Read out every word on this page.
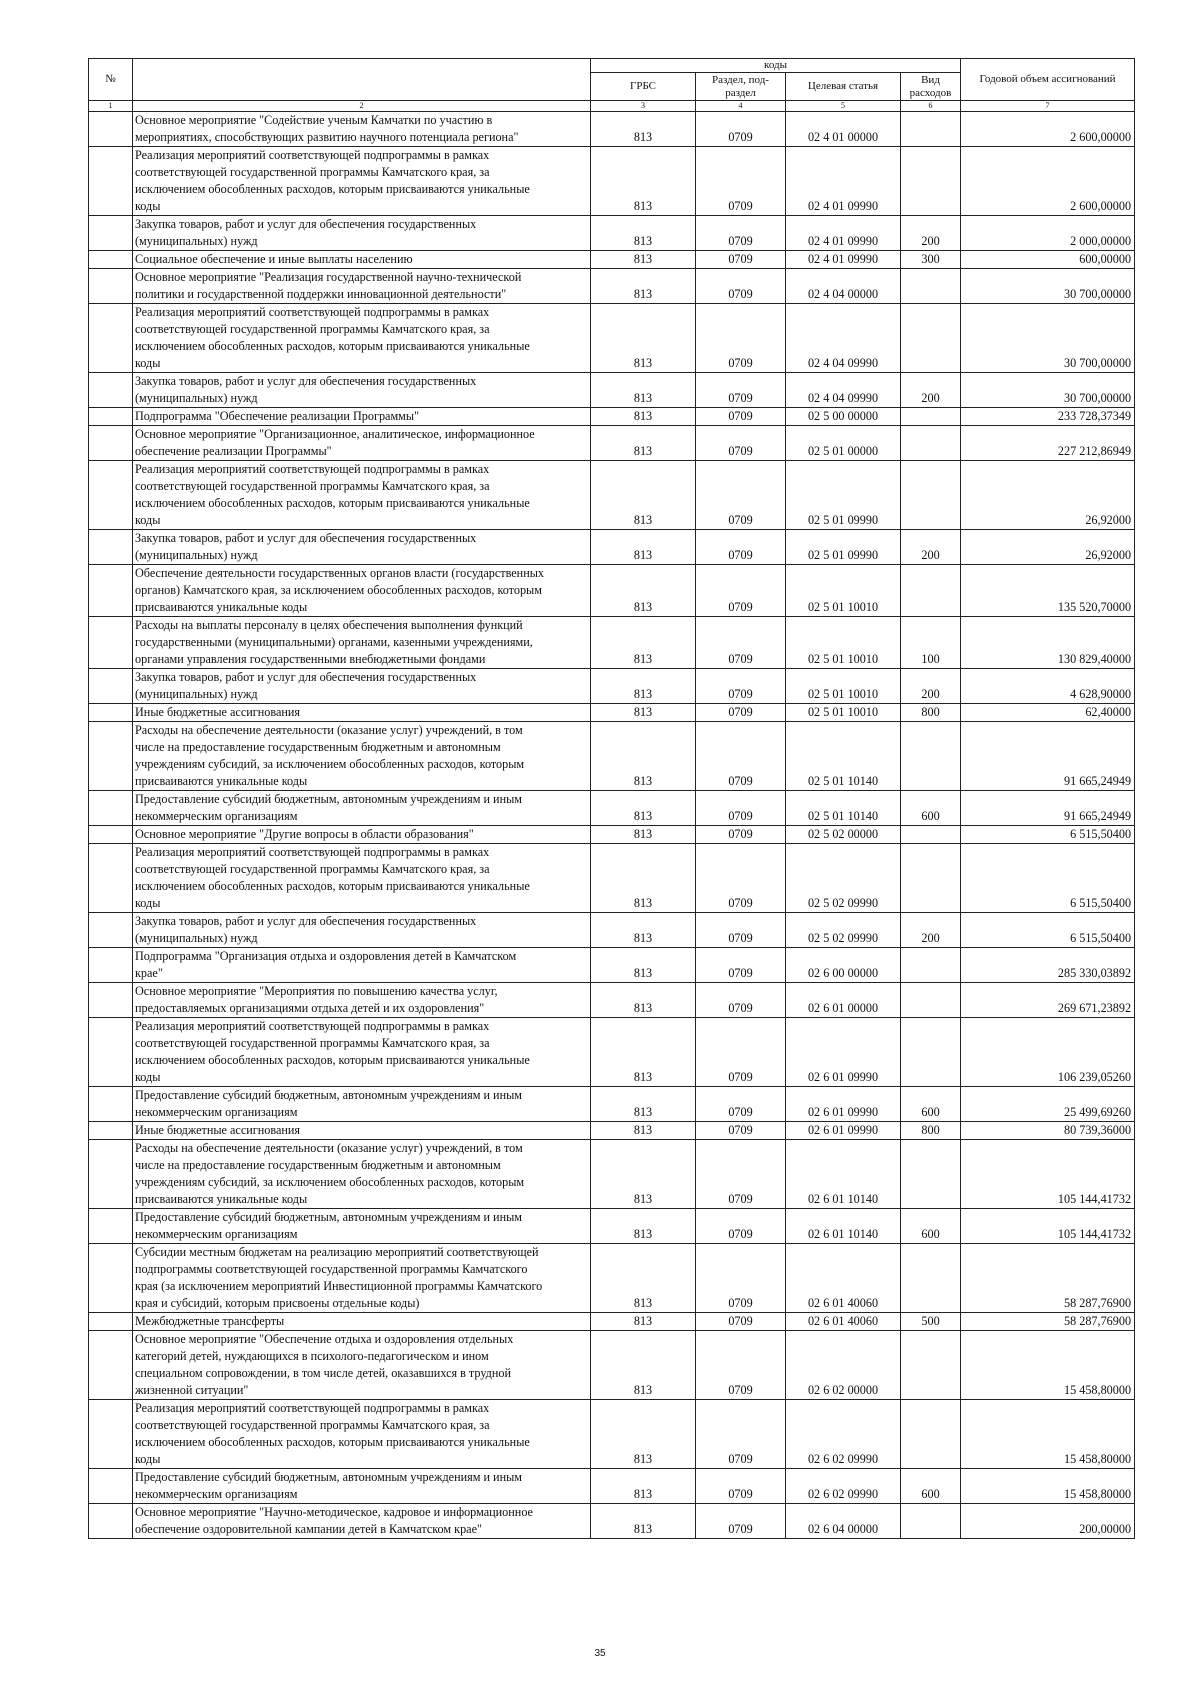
№		коды				Годовой объем ассигнований
		ГРБС	Раздел, под-раздел	Целевая статья	Вид расходов	
1	2	3	4	5	6	7
	Основное мероприятие "Содействие ученым Камчатки по участию в
мероприятиях, способствующих развитию научного потенциала региона"	813	0709	02 4 01 00000		2 600,00000
	Реализация мероприятий соответствующей подпрограммы в рамках
соответствующей государственной программы Камчатского края, за
исключением обособленных расходов, которым присваиваются уникальные
коды	813	0709	02 4 01 09990		2 600,00000
	Закупка товаров, работ и услуг для обеспечения государственных
(муниципальных) нужд	813	0709	02 4 01 09990	200	2 000,00000
	Социальное обеспечение и иные выплаты населению	813	0709	02 4 01 09990	300	600,00000
	Основное мероприятие "Реализация государственной научно-технической
политики и государственной поддержки инновационной деятельности"	813	0709	02 4 04 00000		30 700,00000
	Реализация мероприятий соответствующей подпрограммы в рамках
соответствующей государственной программы Камчатского края, за
исключением обособленных расходов, которым присваиваются уникальные
коды	813	0709	02 4 04 09990		30 700,00000
	Закупка товаров, работ и услуг для обеспечения государственных
(муниципальных) нужд	813	0709	02 4 04 09990	200	30 700,00000
	Подпрограмма "Обеспечение реализации Программы"	813	0709	02 5 00 00000		233 728,37349
	Основное мероприятие "Организационное, аналитическое, информационное
обеспечение реализации Программы"	813	0709	02 5 01 00000		227 212,86949
	Реализация мероприятий соответствующей подпрограммы в рамках
соответствующей государственной программы Камчатского края, за
исключением обособленных расходов, которым присваиваются уникальные
коды	813	0709	02 5 01 09990		26,92000
	Закупка товаров, работ и услуг для обеспечения государственных
(муниципальных) нужд	813	0709	02 5 01 09990	200	26,92000
	Обеспечение деятельности государственных органов власти (государственных
органов) Камчатского края, за исключением обособленных расходов, которым
присваиваются уникальные коды	813	0709	02 5 01 10010		135 520,70000
	Расходы на выплаты персоналу в целях обеспечения выполнения функций
государственными (муниципальными) органами, казенными учреждениями,
органами управления государственными внебюджетными фондами	813	0709	02 5 01 10010	100	130 829,40000
	Закупка товаров, работ и услуг для обеспечения государственных
(муниципальных) нужд	813	0709	02 5 01 10010	200	4 628,90000
	Иные бюджетные ассигнования	813	0709	02 5 01 10010	800	62,40000
	Расходы на обеспечение деятельности (оказание услуг) учреждений, в том
числе на предоставление государственным бюджетным и автономным
учреждениям субсидий, за исключением обособленных расходов, которым
присваиваются уникальные коды	813	0709	02 5 01 10140		91 665,24949
	Предоставление субсидий бюджетным, автономным учреждениям и иным
некоммерческим организациям	813	0709	02 5 01 10140	600	91 665,24949
	Основное мероприятие "Другие вопросы в области образования"	813	0709	02 5 02 00000		6 515,50400
	Реализация мероприятий соответствующей подпрограммы в рамках
соответствующей государственной программы Камчатского края, за
исключением обособленных расходов, которым присваиваются уникальные
коды	813	0709	02 5 02 09990		6 515,50400
	Закупка товаров, работ и услуг для обеспечения государственных
(муниципальных) нужд	813	0709	02 5 02 09990	200	6 515,50400
	Подпрограмма "Организация отдыха и оздоровления детей в Камчатском
крае"	813	0709	02 6 00 00000		285 330,03892
	Основное мероприятие "Мероприятия по повышению качества услуг,
предоставляемых организациями отдыха детей и их оздоровления"	813	0709	02 6 01 00000		269 671,23892
	Реализация мероприятий соответствующей подпрограммы в рамках
соответствующей государственной программы Камчатского края, за
исключением обособленных расходов, которым присваиваются уникальные
коды	813	0709	02 6 01 09990		106 239,05260
	Предоставление субсидий бюджетным, автономным учреждениям и иным
некоммерческим организациям	813	0709	02 6 01 09990	600	25 499,69260
	Иные бюджетные ассигнования	813	0709	02 6 01 09990	800	80 739,36000
	Расходы на обеспечение деятельности (оказание услуг) учреждений, в том
числе на предоставление государственным бюджетным и автономным
учреждениям субсидий, за исключением обособленных расходов, которым
присваиваются уникальные коды	813	0709	02 6 01 10140		105 144,41732
	Предоставление субсидий бюджетным, автономным учреждениям и иным
некоммерческим организациям	813	0709	02 6 01 10140	600	105 144,41732
	Субсидии местным бюджетам на реализацию мероприятий соответствующей
подпрограммы соответствующей государственной программы Камчатского
края (за исключением мероприятий Инвестиционной программы Камчатского
края и субсидий, которым присвоены отдельные коды)	813	0709	02 6 01 40060		58 287,76900
	Межбюджетные трансферты	813	0709	02 6 01 40060	500	58 287,76900
	Основное мероприятие "Обеспечение отдыха и оздоровления отдельных
категорий детей, нуждающихся в психолого-педагогическом и ином
специальном сопровождении, в том числе детей, оказавшихся в трудной
жизненной ситуации"	813	0709	02 6 02 00000		15 458,80000
	Реализация мероприятий соответствующей подпрограммы в рамках
соответствующей государственной программы Камчатского края, за
исключением обособленных расходов, которым присваиваются уникальные
коды	813	0709	02 6 02 09990		15 458,80000
	Предоставление субсидий бюджетным, автономным учреждениям и иным
некоммерческим организациям	813	0709	02 6 02 09990	600	15 458,80000
	Основное мероприятие "Научно-методическое, кадровое и информационное
обеспечение оздоровительной кампании детей в Камчатском крае"	813	0709	02 6 04 00000		200,00000
35
